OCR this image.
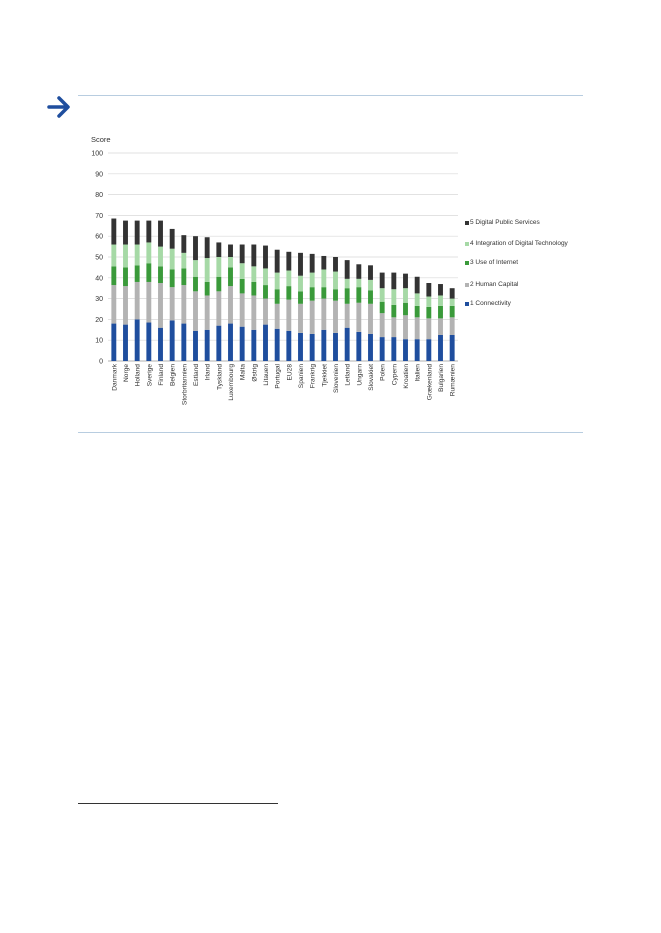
0
10
20
30
40
50
60
70
80
90
100
Danmark Norge Holland Sverige Finland Belgien Storbritannien Estland Irland Tyskland Luxembourg Malta Østrig Litauen Portugal EU28 Spanien Frankrig Tjekkiet Slovenien Letland Ungarn Slovakiet Polen Cypern Kroatien Italien Grækenland Bulgarien Rumænien
Score
5 Digital Public Services
4 Integration of Digital Technology
3 Use of Internet
2 Human Capital
1 Connectivity
